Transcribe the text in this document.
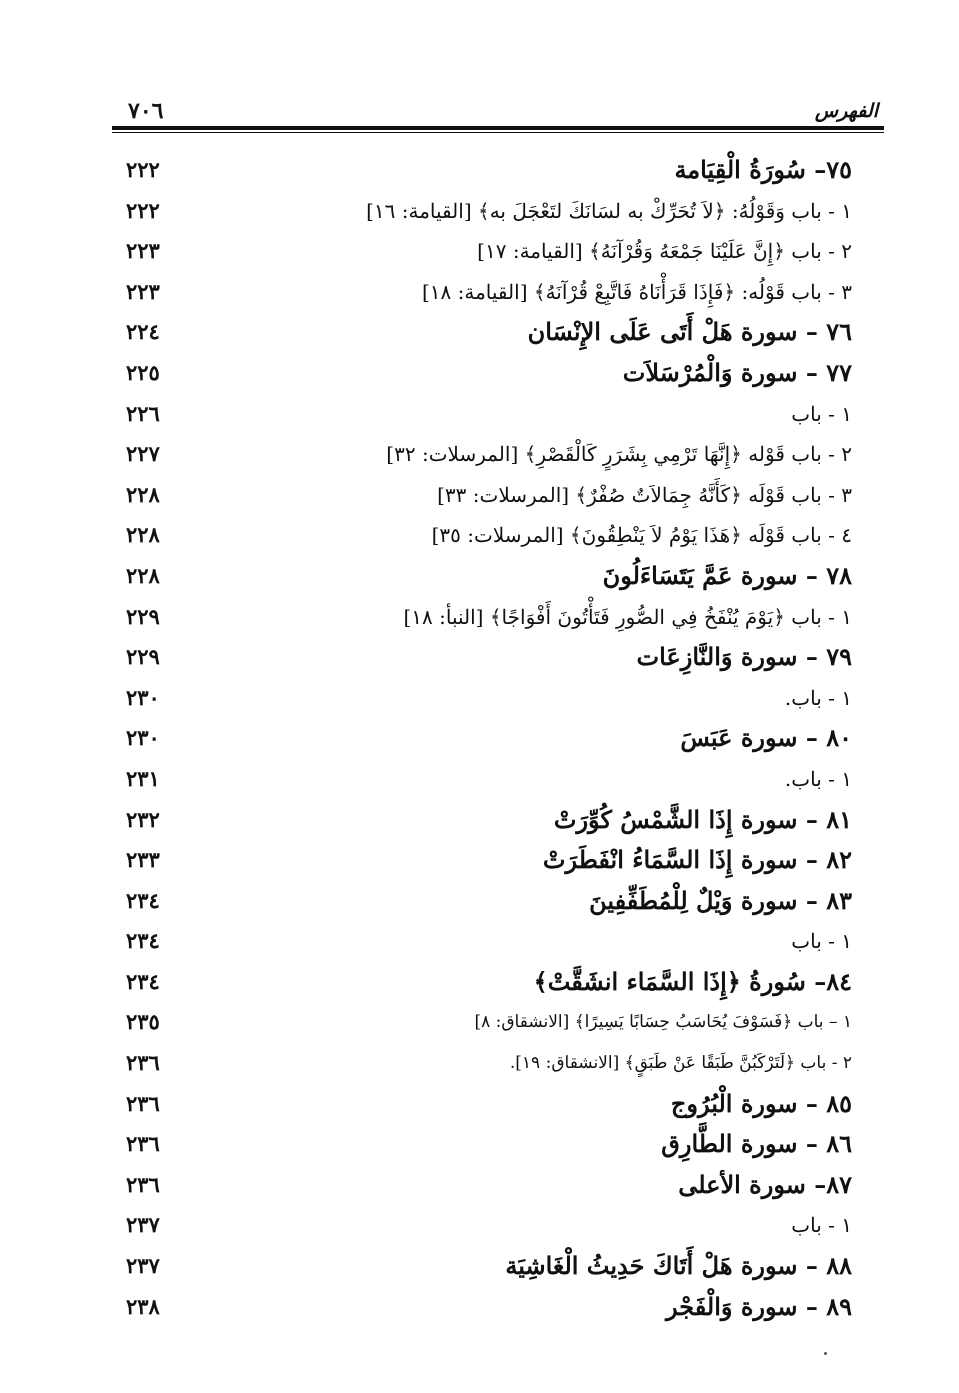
٧٠٦	الفهرس
٧٥– سُورَةُ الْقِيَامة
٢٢٢
١ - باب وَقَوْلُهُ: ﴿لاَ تُحَرِّكْ به لسَانَكَ لتَعْجَلَ به﴾ [القيامة: ١٦]
٢٢٢
٢ - باب ﴿إِنَّ عَلَيْنَا جَمْعَهُ وَقُرْآنَهُ﴾ [القيامة: ١٧]
٢٢٣
٣ - باب قَوْلُه: ﴿فَإِذَا قَرَأْنَاهُ فَاتَّبِعْ قُرْآنَهُ﴾ [القيامة: ١٨]
٢٢٣
٧٦ – سورة هَلْ أَتَى عَلَى الإِنْسَان
٢٢٤
٧٧ – سورة وَالْمُرْسَلاَت
٢٢٥
١ - باب
٢٢٦
٢ - باب قَوْله ﴿إِنَّهَا تَرْمِي بِشَرَرٍ كَالْقَصْرِ﴾ [المرسلات: ٣٢]
٢٢٧
٣ - باب قَوْلَه ﴿كَأَنَّهُ جِمَالاَتٌ صُفْرٌ﴾ [المرسلات: ٣٣]
٢٢٨
٤ - باب قَوْلَه ﴿هَذَا يَوْمُ لاَ يَنْطِقُونَ﴾ [المرسلات: ٣٥]
٢٢٨
٧٨ – سورة عَمَّ يَتَسَاءَلُونَ
٢٢٨
١ - باب ﴿يَوْمَ يُنْفَخُ فِي الصُّورِ فَتَأْتُونَ أَفْوَاجًا﴾ [النبأ: ١٨]
٢٢٩
٧٩ – سورة وَالنَّازِعَات
٢٢٩
١ - باب.
٢٣٠
٨٠ – سورة عَبَسَ
٢٣٠
١ - باب.
٢٣١
٨١ – سورة إِذَا الشَّمْسُ كُوِّرَتْ
٢٣٢
٨٢ – سورة إِذَا السَّمَاءُ انْفَطَرَتْ
٢٣٣
٨٣ – سورة وَيْلٌ لِلْمُطَفِّفِينَ
٢٣٤
١ - باب
٢٣٤
٨٤– سُورةُ ﴿إِذَا السَّمَاء انشَقَّتْ﴾
٢٣٤
١ – باب ﴿فَسَوْفَ يُحَاسَبُ حِسَابًا يَسِيرًا﴾ [الانشقاق: ٨]
٢٣٥
٢ - باب ﴿لَتَرْكَبُنَّ طَبَقًا عَنْ طَبَقٍ﴾ [الانشقاق: ١٩].
٢٣٦
٨٥ – سورة الْبُرُوج
٢٣٦
٨٦ – سورة الطَّارِق
٢٣٦
٨٧– سورة الأعلى
٢٣٦
١ - باب
٢٣٧
٨٨ – سورة هَلْ أَتَاكَ حَدِيثُ الْغَاشِيَة
٢٣٧
٨٩ – سورة وَالْفَجْر
٢٣٨
